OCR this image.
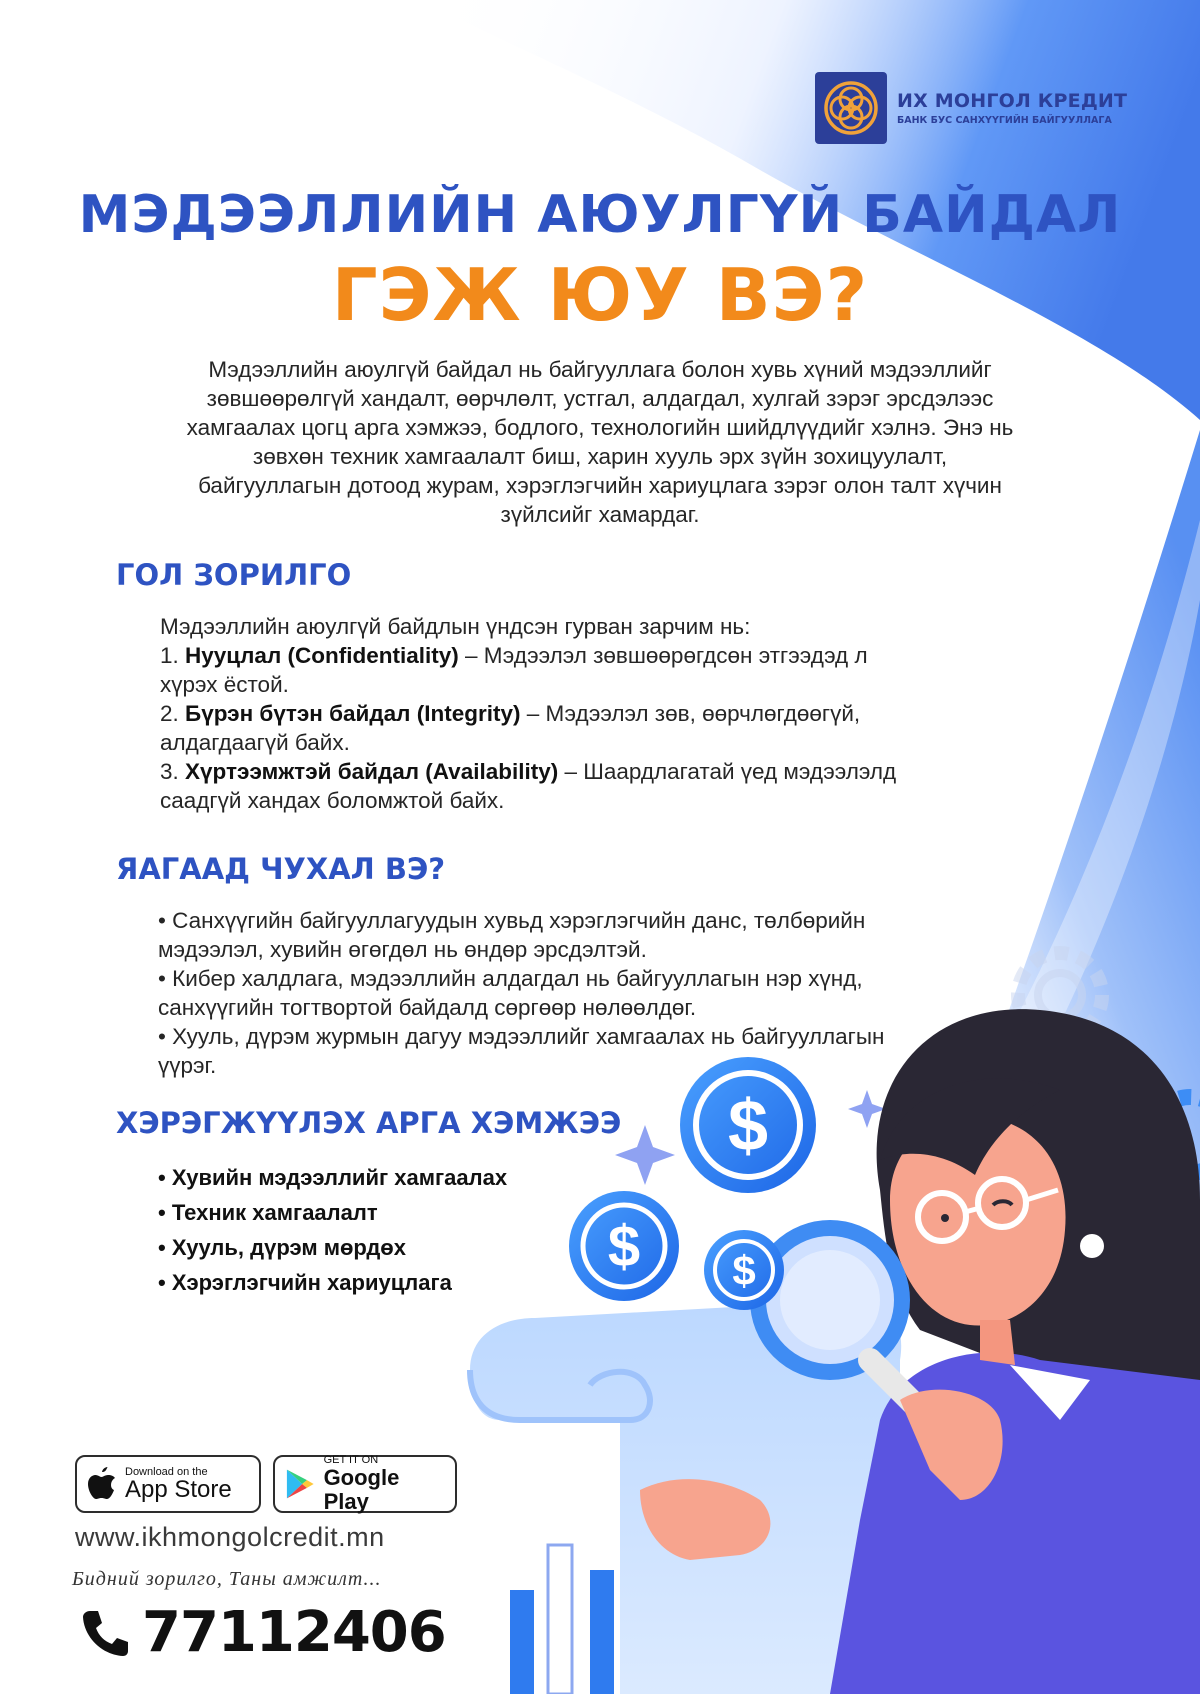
$
$ $
ИХ МОНГОЛ КРЕДИТ
БАНК БУС САНХҮҮГИЙН БАЙГУУЛЛАГА
МЭДЭЭЛЛИЙН АЮУЛГҮЙ БАЙДАЛ
ГЭЖ ЮУ ВЭ?
Мэдээллийн аюулгүй байдал нь байгууллага болон хувь хүний мэдээллийг
зөвшөөрөлгүй хандалт, өөрчлөлт, устгал, алдагдал, хулгай зэрэг эрсдэлээс
хамгаалах цогц арга хэмжээ, бодлого, технологийн шийдлүүдийг хэлнэ. Энэ нь
зөвхөн техник хамгаалалт биш, харин хууль эрх зүйн зохицуулалт,
байгууллагын дотоод журам, хэрэглэгчийн хариуцлага зэрэг олон талт хүчин
зүйлсийг хамардаг.
ГОЛ ЗОРИЛГО
Мэдээллийн аюулгүй байдлын үндсэн гурван зарчим нь:
1. Нууцлал (Confidentiality) – Мэдээлэл зөвшөөрөгдсөн этгээдэд л
хүрэх ёстой.
2. Бүрэн бүтэн байдал (Integrity) – Мэдээлэл зөв, өөрчлөгдөөгүй,
алдагдаагүй байх.
3. Хүртээмжтэй байдал (Availability) – Шаардлагатай үед мэдээлэлд
саадгүй хандах боломжтой байх.
ЯАГААД ЧУХАЛ ВЭ?
• Санхүүгийн байгууллагуудын хувьд хэрэглэгчийн данс, төлбөрийн
мэдээлэл, хувийн өгөгдөл нь өндөр эрсдэлтэй.
• Кибер халдлага, мэдээллийн алдагдал нь байгууллагын нэр хүнд,
санхүүгийн тогтвортой байдалд сөргөөр нөлөөлдөг.
• Хууль, дүрэм журмын дагуу мэдээллийг хамгаалах нь байгууллагын
үүрэг.
ХЭРЭГЖҮҮЛЭХ АРГА ХЭМЖЭЭ
• Хувийн мэдээллийг хамгаалах
• Техник хамгаалалт
• Хууль, дүрэм мөрдөх
• Хэрэглэгчийн хариуцлага
Download on the
App Store
GET IT ON
Google Play
www.ikhmongolcredit.mn
Бидний зорилго, Таны амжилт...
77112406
